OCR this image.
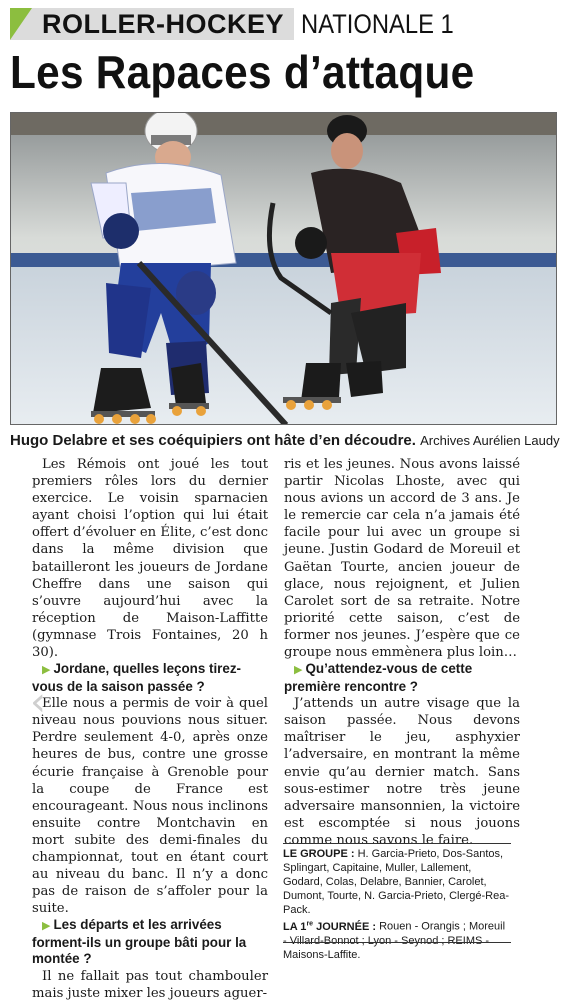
ROLLER-HOCKEY NATIONALE 1
Les Rapaces d’attaque
Hugo Delabre et ses coéquipiers ont hâte d’en découdre. Archives Aurélien Laudy

Les Rémois ont joué les tout premiers rôles lors du dernier exercice. Le voisin sparnacien ayant choisi l’option qui lui était offert d’évoluer en Élite, c’est donc dans la même division que batailleront les joueurs de Jordane Cheffre dans une saison qui s’ouvre aujourd’hui avec la réception de Maison-Laffitte (gymnase Trois Fontaines, 20 h 30).

▶ Jordane, quelles leçons tirez-vous de la saison passée ?

Elle nous a permis de voir à quel niveau nous pouvions nous situer. Perdre seulement 4-0, après onze heures de bus, contre une grosse écurie française à Grenoble pour la coupe de France est encourageant. Nous nous inclinons ensuite contre Montchavin en mort subite des demi-finales du championnat, tout en étant court au niveau du banc. Il n’y a donc pas de raison de s’affoler pour la suite.

▶ Les départs et les arrivées forment-ils un groupe bâti pour la montée ?

Il ne fallait pas tout chambouler mais juste mixer les joueurs aguer-

ris et les jeunes. Nous avons laissé partir Nicolas Lhoste, avec qui nous avions un accord de 3 ans. Je le remercie car cela n’a jamais été facile pour lui avec un groupe si jeune. Justin Godard de Moreuil et Gaëtan Tourte, ancien joueur de glace, nous rejoignent, et Julien Carolet sort de sa retraite. Notre priorité cette saison, c’est de former nos jeunes. J’espère que ce groupe nous emmènera plus loin…

▶ Qu’attendez-vous de cette première rencontre ?

J’attends un autre visage que la saison passée. Nous devons maîtriser le jeu, asphyxier l’adversaire, en montrant la même envie qu’au dernier match. Sans sous-estimer notre très jeune adversaire mansonnien, la victoire est escomptée si nous jouons comme nous savons le faire.

LE GROUPE : H. Garcia-Prieto, Dos-Santos, Splingart, Capitaine, Muller, Lallement, Godard, Colas, Delabre, Bannier, Carolet, Dumont, Tourte, N. Garcia-Prieto, Clergé-Rea-Pack.

LA 1re JOURNÉE : Rouen - Orangis ; Moreuil - Villard-Bonnot ; Lyon - Seynod ; REIMS - Maisons-Laffite.

‹
